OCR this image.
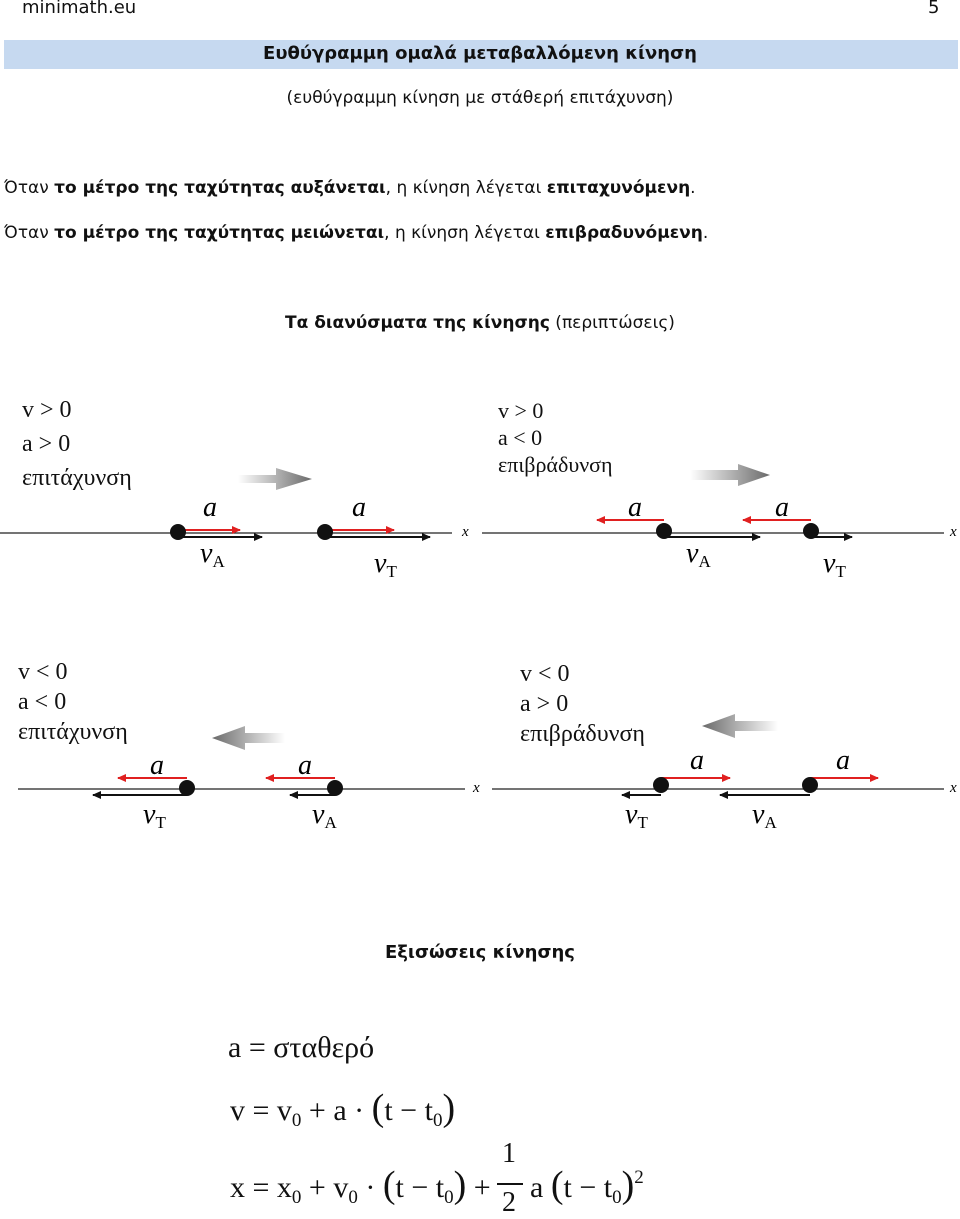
minimath.eu	5
Ευθύγραμμη ομαλά μεταβαλλόμενη κίνηση
(ευθύγραμμη κίνηση με στάθερή επιτάχυνση)
Όταν το μέτρο της ταχύτητας αυξάνεται, η κίνηση λέγεται επιταχυνόμενη.
Όταν το μέτρο της ταχύτητας μειώνεται, η κίνηση λέγεται επιβραδυνόμενη.
Τα διανύσματα της κίνησης (περιπτώσεις)
v > 0
a > 0
επιτάχυνση
v > 0
a < 0
επιβράδυνση
v < 0
a < 0
επιτάχυνση
v < 0
a > 0
επιβράδυνση
x
a
vA
a
vT
x
a
vA
a
vT
x
a
vT
a
vA
x
a
vT
a
vA
Εξισώσεις κίνησης
a = σταθερό
$v = v_0 + a \cdot (t - t_0)$
$x = x_0 + v_0 \cdot (t - t_0)$ +
1
2 a $(t - t_0)^2$
